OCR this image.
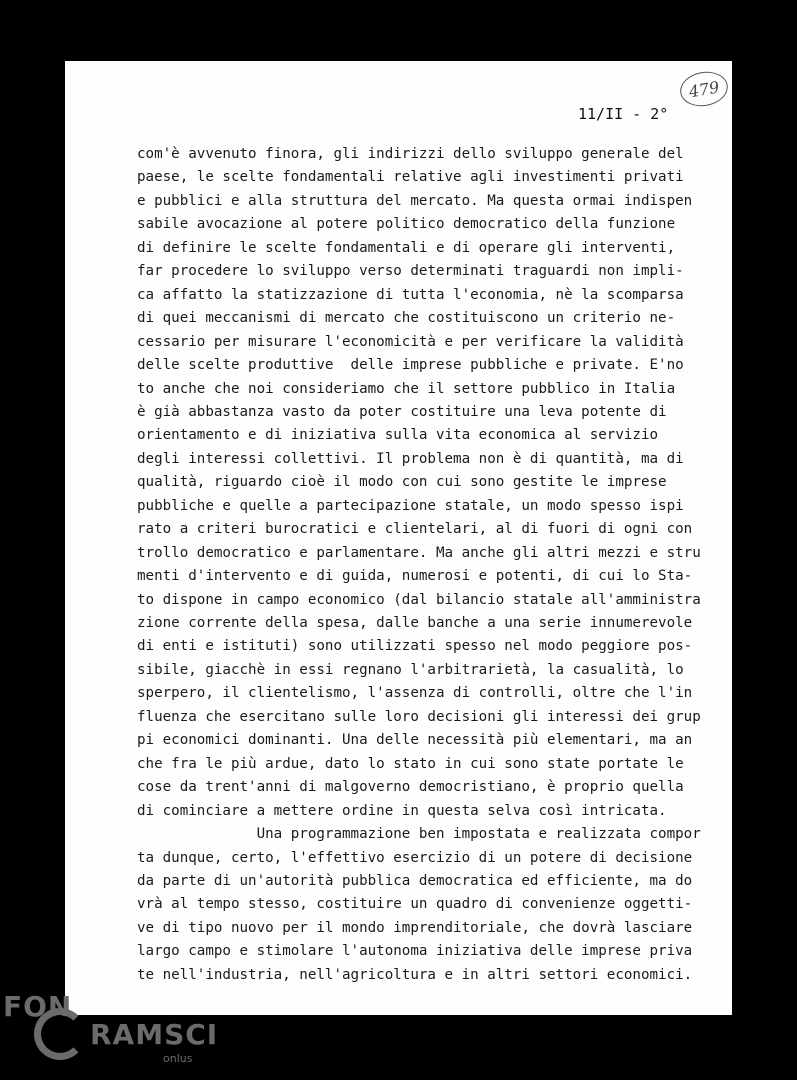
479
11/II - 2°
com'è avvenuto finora, gli indirizzi dello sviluppo generale del
paese, le scelte fondamentali relative agli investimenti privati
e pubblici e alla struttura del mercato. Ma questa ormai indispen
sabile avocazione al potere politico democratico della funzione
di definire le scelte fondamentali e di operare gli interventi,
far procedere lo sviluppo verso determinati traguardi non impli-
ca affatto la statizzazione di tutta l'economia, nè la scomparsa
di quei meccanismi di mercato che costituiscono un criterio ne-
cessario per misurare l'economicità e per verificare la validità
delle scelte produttive  delle imprese pubbliche e private. E'no
to anche che noi consideriamo che il settore pubblico in Italia
è già abbastanza vasto da poter costituire una leva potente di
orientamento e di iniziativa sulla vita economica al servizio
degli interessi collettivi. Il problema non è di quantità, ma di
qualità, riguardo cioè il modo con cui sono gestite le imprese
pubbliche e quelle a partecipazione statale, un modo spesso ispi
rato a criteri burocratici e clientelari, al di fuori di ogni con
trollo democratico e parlamentare. Ma anche gli altri mezzi e stru
menti d'intervento e di guida, numerosi e potenti, di cui lo Sta-
to dispone in campo economico (dal bilancio statale all'amministra
zione corrente della spesa, dalle banche a una serie innumerevole
di enti e istituti) sono utilizzati spesso nel modo peggiore pos-
sibile, giacchè in essi regnano l'arbitrarietà, la casualità, lo
sperpero, il clientelismo, l'assenza di controlli, oltre che l'in
fluenza che esercitano sulle loro decisioni gli interessi dei grup
pi economici dominanti. Una delle necessità più elementari, ma an
che fra le più ardue, dato lo stato in cui sono state portate le
cose da trent'anni di malgoverno democristiano, è proprio quella
di cominciare a mettere ordine in questa selva così intricata.
Una programmazione ben impostata e realizzata compor
ta dunque, certo, l'effettivo esercizio di un potere di decisione
da parte di un'autorità pubblica democratica ed efficiente, ma do
vrà al tempo stesso, costituire un quadro di convenienze oggetti-
ve di tipo nuovo per il mondo imprenditoriale, che dovrà lasciare
largo campo e stimolare l'autonoma iniziativa delle imprese priva
te nell'industria, nell'agricoltura e in altri settori economici.
FON
RAMSCI
onlus
